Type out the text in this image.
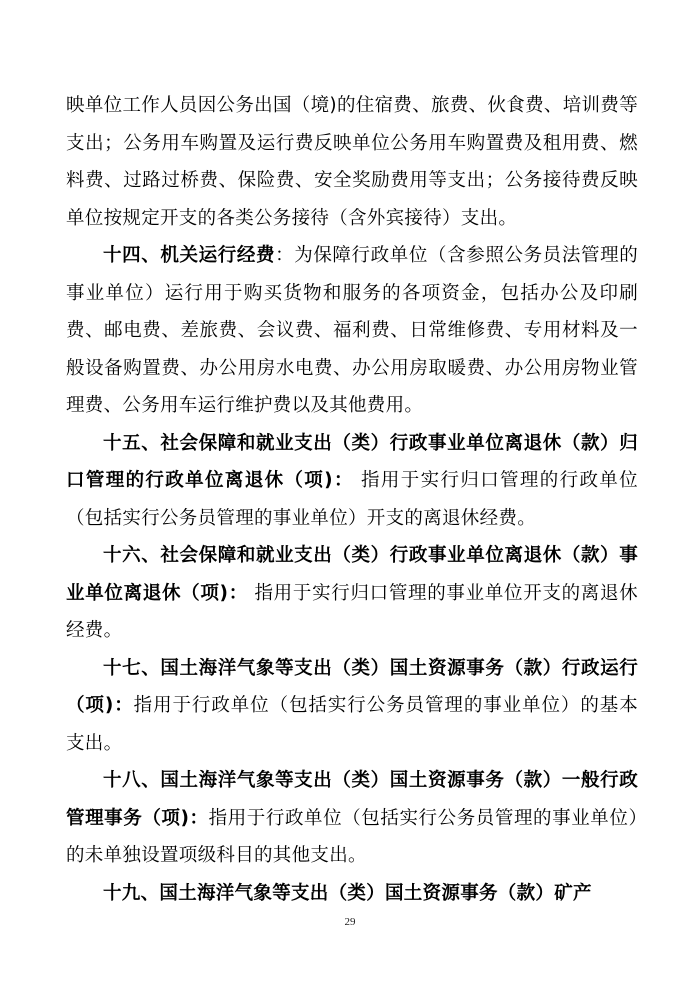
映单位工作人员因公务出国（境)的住宿费、旅费、伙食费、培训费等支出；公务用车购置及运行费反映单位公务用车购置费及租用费、燃料费、过路过桥费、保险费、安全奖励费用等支出；公务接待费反映单位按规定开支的各类公务接待（含外宾接待）支出。

十四、机关运行经费：为保障行政单位（含参照公务员法管理的事业单位）运行用于购买货物和服务的各项资金，包括办公及印刷费、邮电费、差旅费、会议费、福利费、日常维修费、专用材料及一般设备购置费、办公用房水电费、办公用房取暖费、办公用房物业管理费、公务用车运行维护费以及其他费用。

十五、社会保障和就业支出（类）行政事业单位离退休（款）归口管理的行政单位离退休（项)： 指用于实行归口管理的行政单位（包括实行公务员管理的事业单位）开支的离退休经费。

十六、社会保障和就业支出（类）行政事业单位离退休（款）事业单位离退休（项)： 指用于实行归口管理的事业单位开支的离退休经费。

十七、国土海洋气象等支出（类）国土资源事务（款）行政运行（项)：指用于行政单位（包括实行公务员管理的事业单位）的基本支出。

十八、国土海洋气象等支出（类）国土资源事务（款）一般行政管理事务（项)：指用于行政单位（包括实行公务员管理的事业单位）的未单独设置项级科目的其他支出。

十九、国土海洋气象等支出（类）国土资源事务（款）矿产

29
